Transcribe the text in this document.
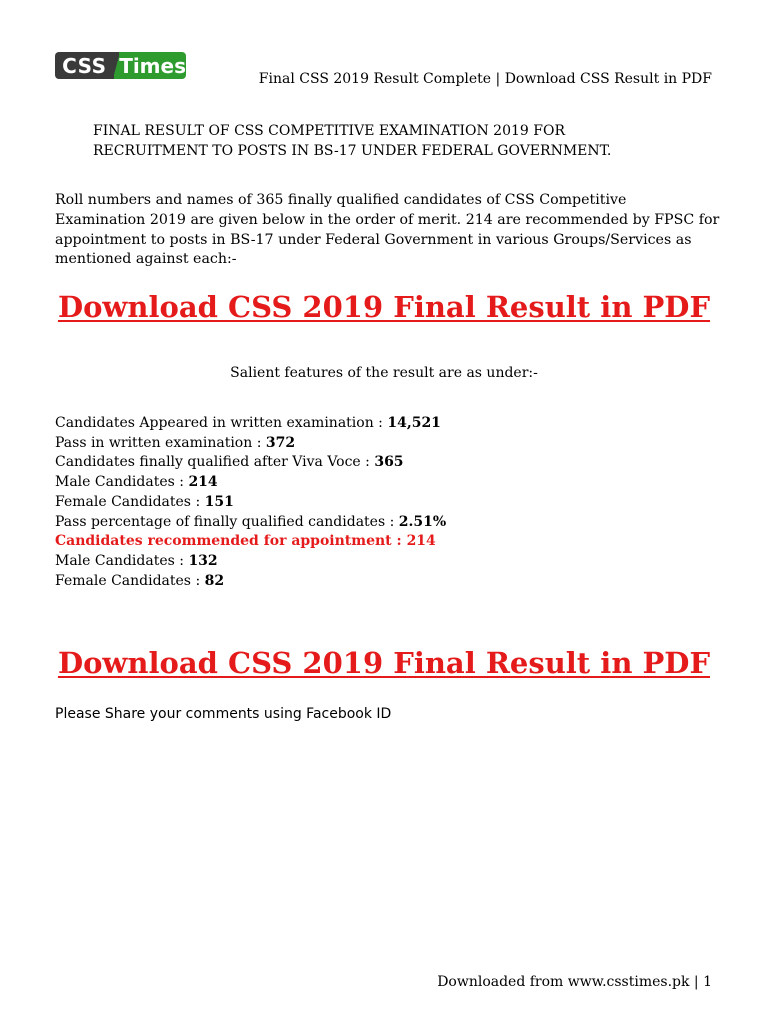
CSS Times
Final CSS 2019 Result Complete | Download CSS Result in PDF
FINAL RESULT OF CSS COMPETITIVE EXAMINATION 2019 FOR RECRUITMENT TO POSTS IN BS-17 UNDER FEDERAL GOVERNMENT.
Roll numbers and names of 365 finally qualified candidates of CSS Competitive Examination 2019 are given below in the order of merit. 214 are recommended by FPSC for appointment to posts in BS-17 under Federal Government in various Groups/Services as mentioned against each:-
Download CSS 2019 Final Result in PDF
Salient features of the result are as under:-
Candidates Appeared in written examination : 14,521
Pass in written examination : 372
Candidates finally qualified after Viva Voce : 365
Male Candidates : 214
Female Candidates : 151
Pass percentage of finally qualified candidates : 2.51%
Candidates recommended for appointment : 214
Male Candidates : 132
Female Candidates : 82
Download CSS 2019 Final Result in PDF
Please Share your comments using Facebook ID
Downloaded from www.csstimes.pk | 1
